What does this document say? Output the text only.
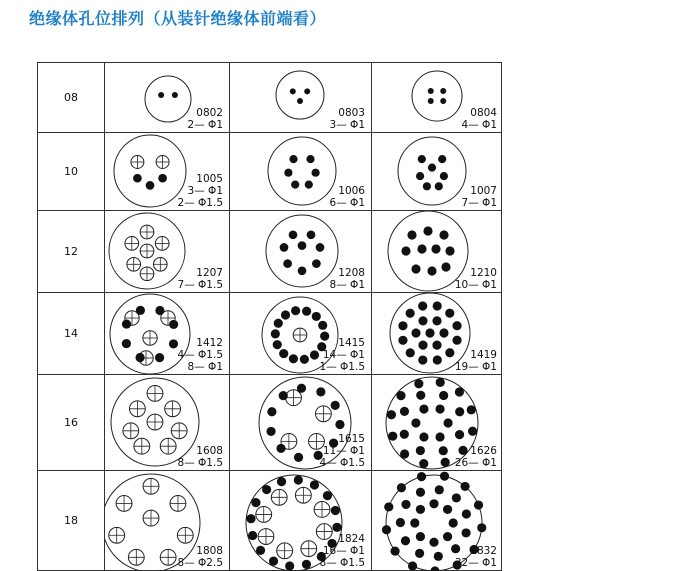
绝缘体孔位排列（从装针绝缘体前端看）
08
0802
2— Φ1
0803
3— Φ1
0804
4— Φ1
10
1005
3— Φ1
2— Φ1.5
1006
6— Φ1
1007
7— Φ1
12
1207
7— Φ1.5
1208
8— Φ1
1210
10— Φ1
14
1412
4— Φ1.5
8— Φ1
1415
14— Φ1
1— Φ1.5
1419
19— Φ1
16
1608
8— Φ1.5
1615
11— Φ1
4— Φ1.5
1626
26— Φ1
18
1808
8— Φ2.5
1824
16— Φ1
8— Φ1.5
1832
32— Φ1
